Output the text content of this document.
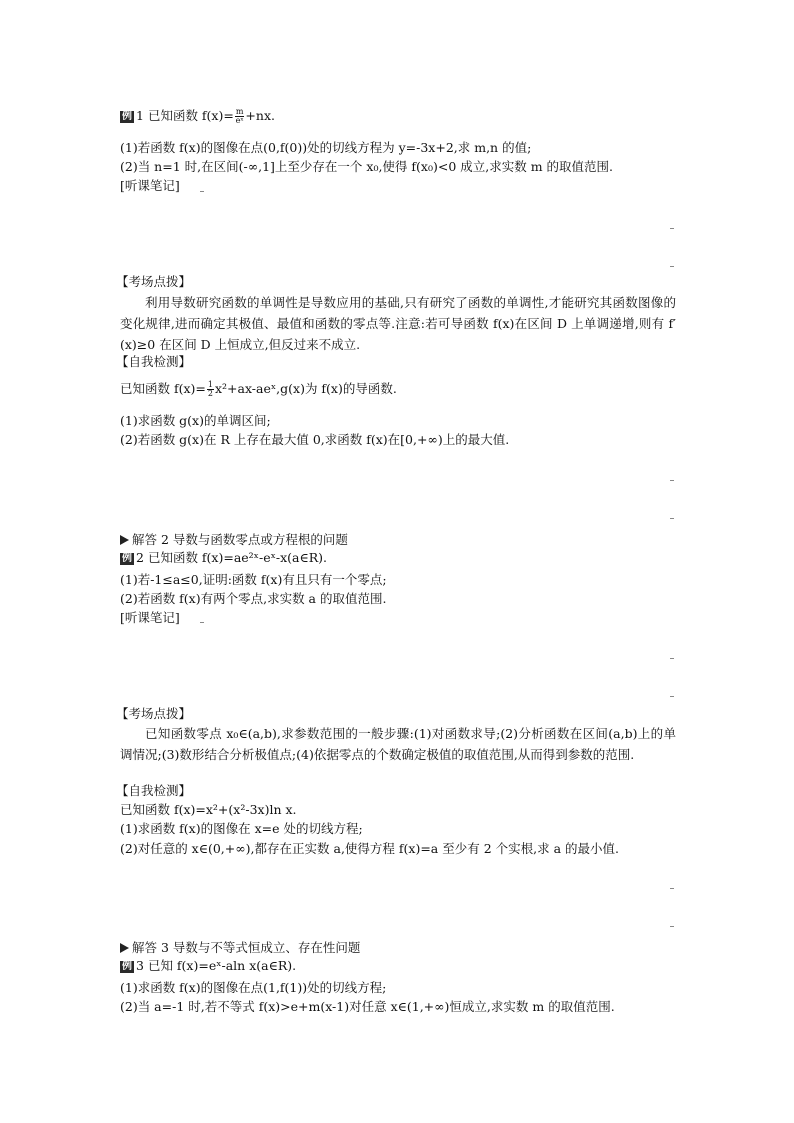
例 1 已知函数 $f(x)= \frac{m}{\text{eˣ}} +nx$.
(1)若函数 f(x)的图像在点(0,f(0))处的切线方程为 y=-3x+2,求 m,n 的值;
(2)当 n=1 时,在区间(-∞,1]上至少存在一个 x₀,使得 f(x₀)<0 成立,求实数 m 的取值范围.
[听课笔记]
【考场点拨】
利用导数研究函数的单调性是导数应用的基础,只有研究了函数的单调性,才能研究其函数图像的变化规律,进而确定其极值、最值和函数的零点等.注意:若可导函数 f(x)在区间 D 上单调递增,则有 f′(x)≥0 在区间 D 上恒成立,但反过来不成立.
【自我检测】
已知函数 $f(x)= \frac{1}{2}$ x²+ax-aeˣ,g(x)为 f(x)的导函数.
(1)求函数 g(x)的单调区间;
(2)若函数 g(x)在 R 上存在最大值 0,求函数 f(x)在[0,+∞)上的最大值.
解答 2 导数与函数零点或方程根的问题
例 2 已知函数 f(x)=ae²ˣ-eˣ-x(a∈R).
(1)若-1≤a≤0,证明:函数 f(x)有且只有一个零点;
(2)若函数 f(x)有两个零点,求实数 a 的取值范围.
[听课笔记]
【考场点拨】
已知函数零点 x₀∈(a,b),求参数范围的一般步骤:(1)对函数求导;(2)分析函数在区间(a,b)上的单调情况;(3)数形结合分析极值点;(4)依据零点的个数确定极值的取值范围,从而得到参数的范围.
【自我检测】
已知函数 f(x)=x²+(x²-3x)ln x.
(1)求函数 f(x)的图像在 x=e 处的切线方程;
(2)对任意的 x∈(0,+∞),都存在正实数 a,使得方程 f(x)=a 至少有 2 个实根,求 a 的最小值.
解答 3 导数与不等式恒成立、存在性问题
例 3 已知 f(x)=eˣ-aln x(a∈R).
(1)求函数 f(x)的图像在点(1,f(1))处的切线方程;
(2)当 a=-1 时,若不等式 f(x)>e+m(x-1)对任意 x∈(1,+∞)恒成立,求实数 m 的取值范围.
